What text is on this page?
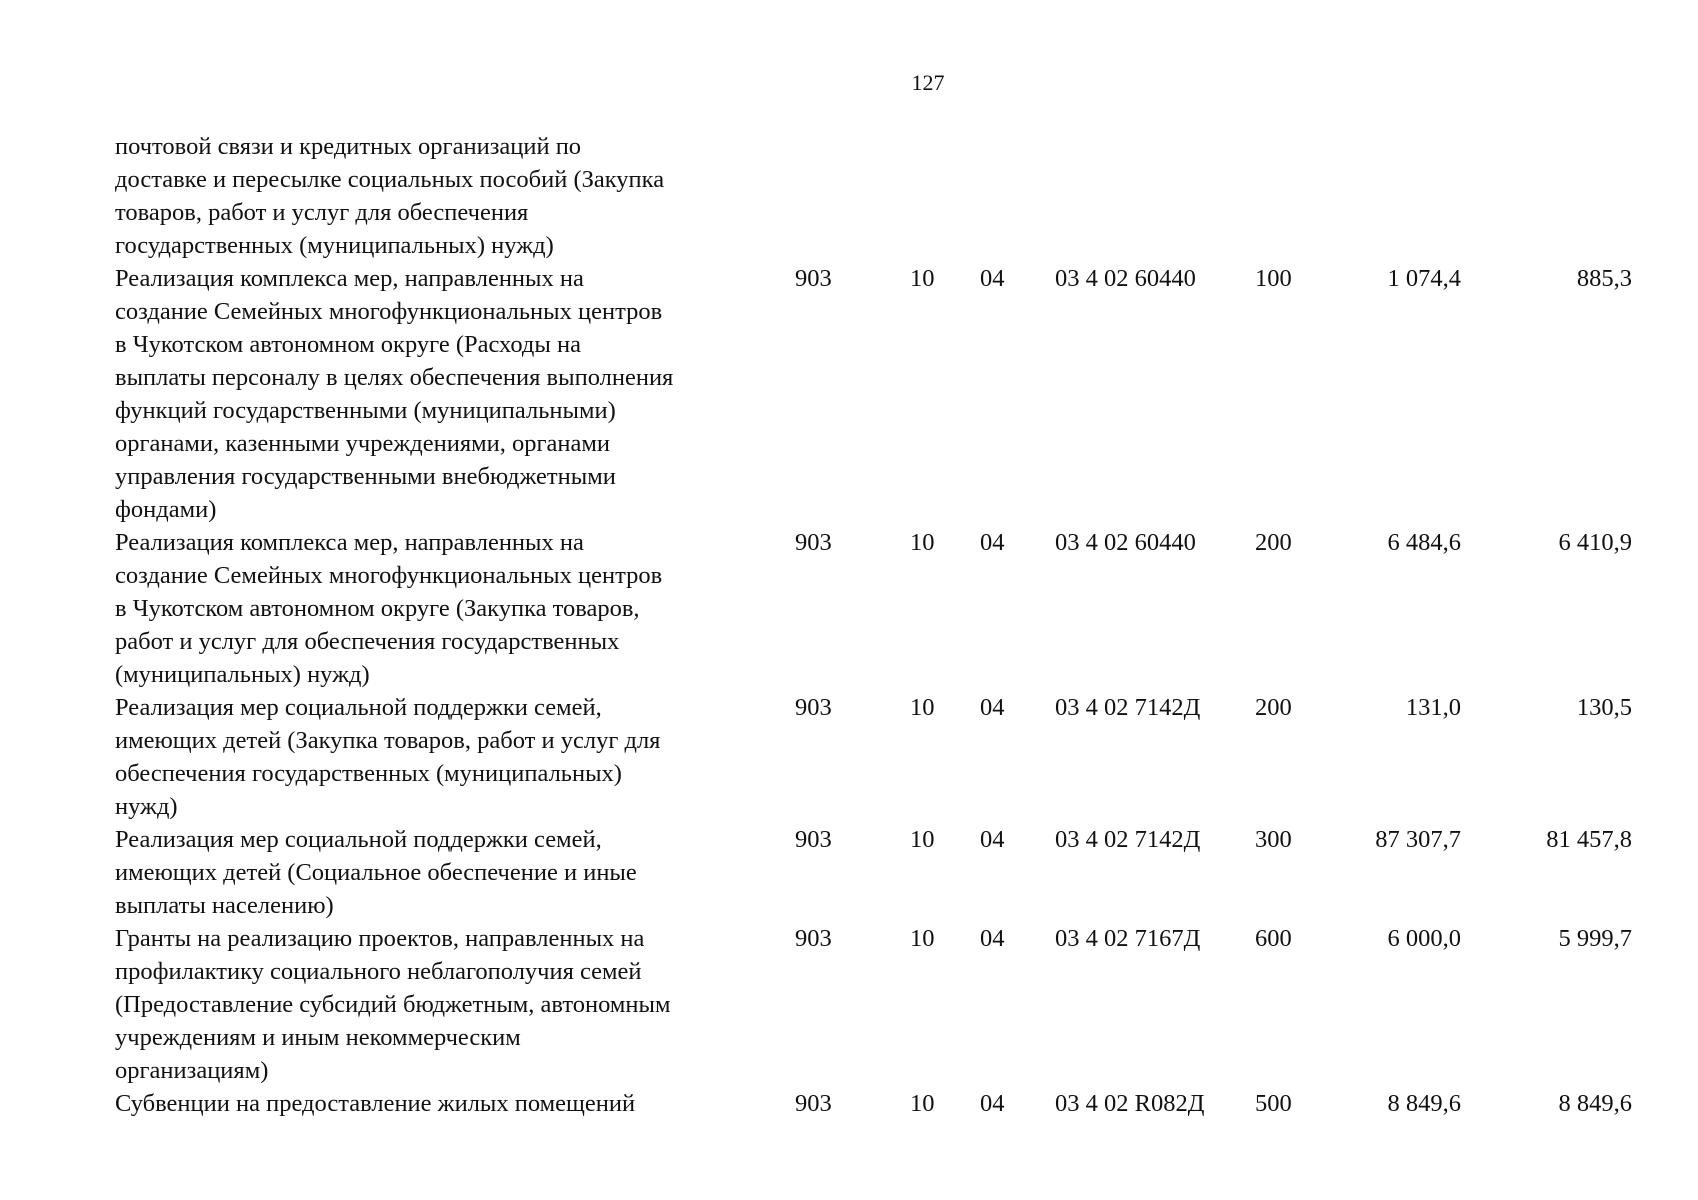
127
почтовой связи и кредитных организаций по
доставке и пересылке социальных пособий (Закупка
товаров, работ и услуг для обеспечения
государственных (муниципальных) нужд)
Реализация комплекса мер, направленных на
создание Семейных многофункциональных центров
в Чукотском автономном округе (Расходы на
выплаты персоналу в целях обеспечения выполнения
функций государственными (муниципальными)
органами, казенными учреждениями, органами
управления государственными внебюджетными
фондами)
903	10	04	03 4 02 60440	100	1 074,4	885,3
Реализация комплекса мер, направленных на
создание Семейных многофункциональных центров
в Чукотском автономном округе (Закупка товаров,
работ и услуг для обеспечения государственных
(муниципальных) нужд)
903	10	04	03 4 02 60440	200	6 484,6	6 410,9
Реализация мер социальной поддержки семей,
имеющих детей (Закупка товаров, работ и услуг для
обеспечения государственных (муниципальных)
нужд)
903	10	04	03 4 02 7142Д	200	131,0	130,5
Реализация мер социальной поддержки семей,
имеющих детей (Социальное обеспечение и иные
выплаты населению)
903	10	04	03 4 02 7142Д	300	87 307,7	81 457,8
Гранты на реализацию проектов, направленных на
профилактику социального неблагополучия семей
(Предоставление субсидий бюджетным, автономным
учреждениям и иным некоммерческим
организациям)
903	10	04	03 4 02 7167Д	600	6 000,0	5 999,7
Субвенции на предоставление жилых помещений	903	10	04	03 4 02 R082Д	500	8 849,6	8 849,6
